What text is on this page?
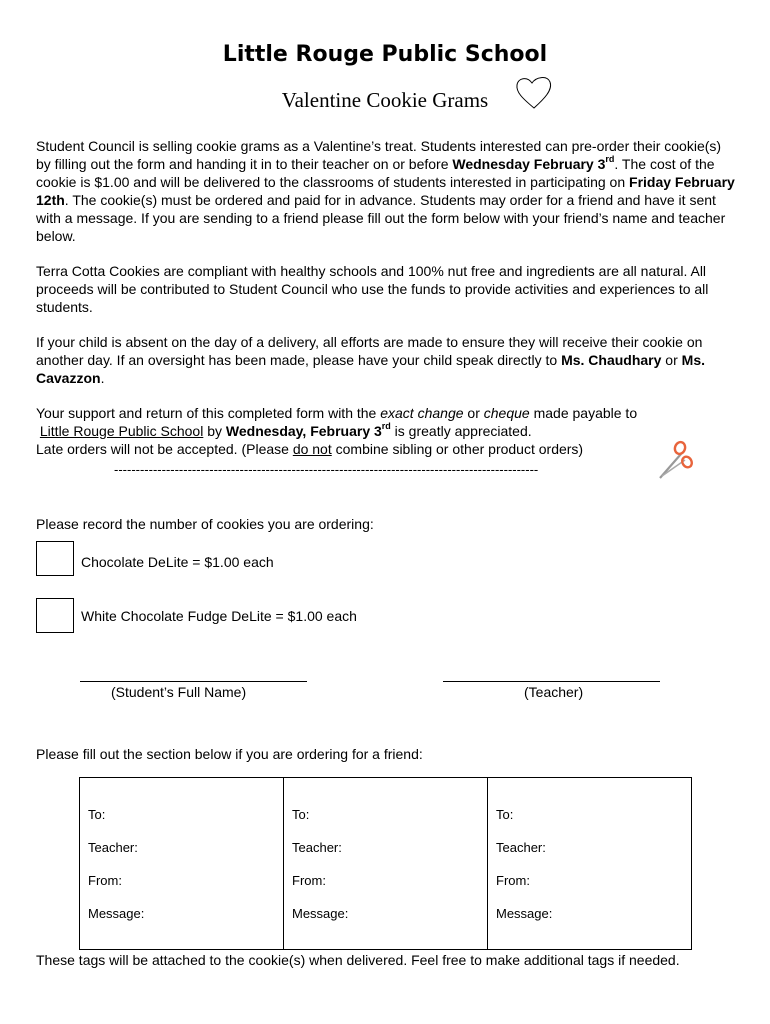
Little Rouge Public School
Valentine Cookie Grams

Student Council is selling cookie grams as a Valentine’s treat. Students interested can pre-order their cookie(s) by filling out the form and handing it in to their teacher on or before Wednesday February 3rd. The cost of the cookie is $1.00 and will be delivered to the classrooms of students interested in participating on Friday February 12th. The cookie(s) must be ordered and paid for in advance. Students may order for a friend and have it sent with a message. If you are sending to a friend please fill out the form below with your friend’s name and teacher below.

Terra Cotta Cookies are compliant with healthy schools and 100% nut free and ingredients are all natural. All proceeds will be contributed to Student Council who use the funds to provide activities and experiences to all students.

If your child is absent on the day of a delivery, all efforts are made to ensure they will receive their cookie on another day. If an oversight has been made, please have your child speak directly to Ms. Chaudhary or Ms. Cavazzon.

Your support and return of this completed form with the exact change or cheque made payable to

Little Rouge Public School by Wednesday, February 3rd is greatly appreciated.

Late orders will not be accepted. (Please do not combine sibling or other product orders)

--------------------------------------------------------------------------------------------------
Please record the number of cookies you are ordering:
Chocolate DeLite = $1.00 each
White Chocolate Fudge DeLite = $1.00 each
(Student’s Full Name)	(Teacher)
Please fill out the section below if you are ordering for a friend:
To:
Teacher:
From:
Message:

To:
Teacher:
From:
Message:

To:
Teacher:
From:
Message:
These tags will be attached to the cookie(s) when delivered. Feel free to make additional tags if needed.
